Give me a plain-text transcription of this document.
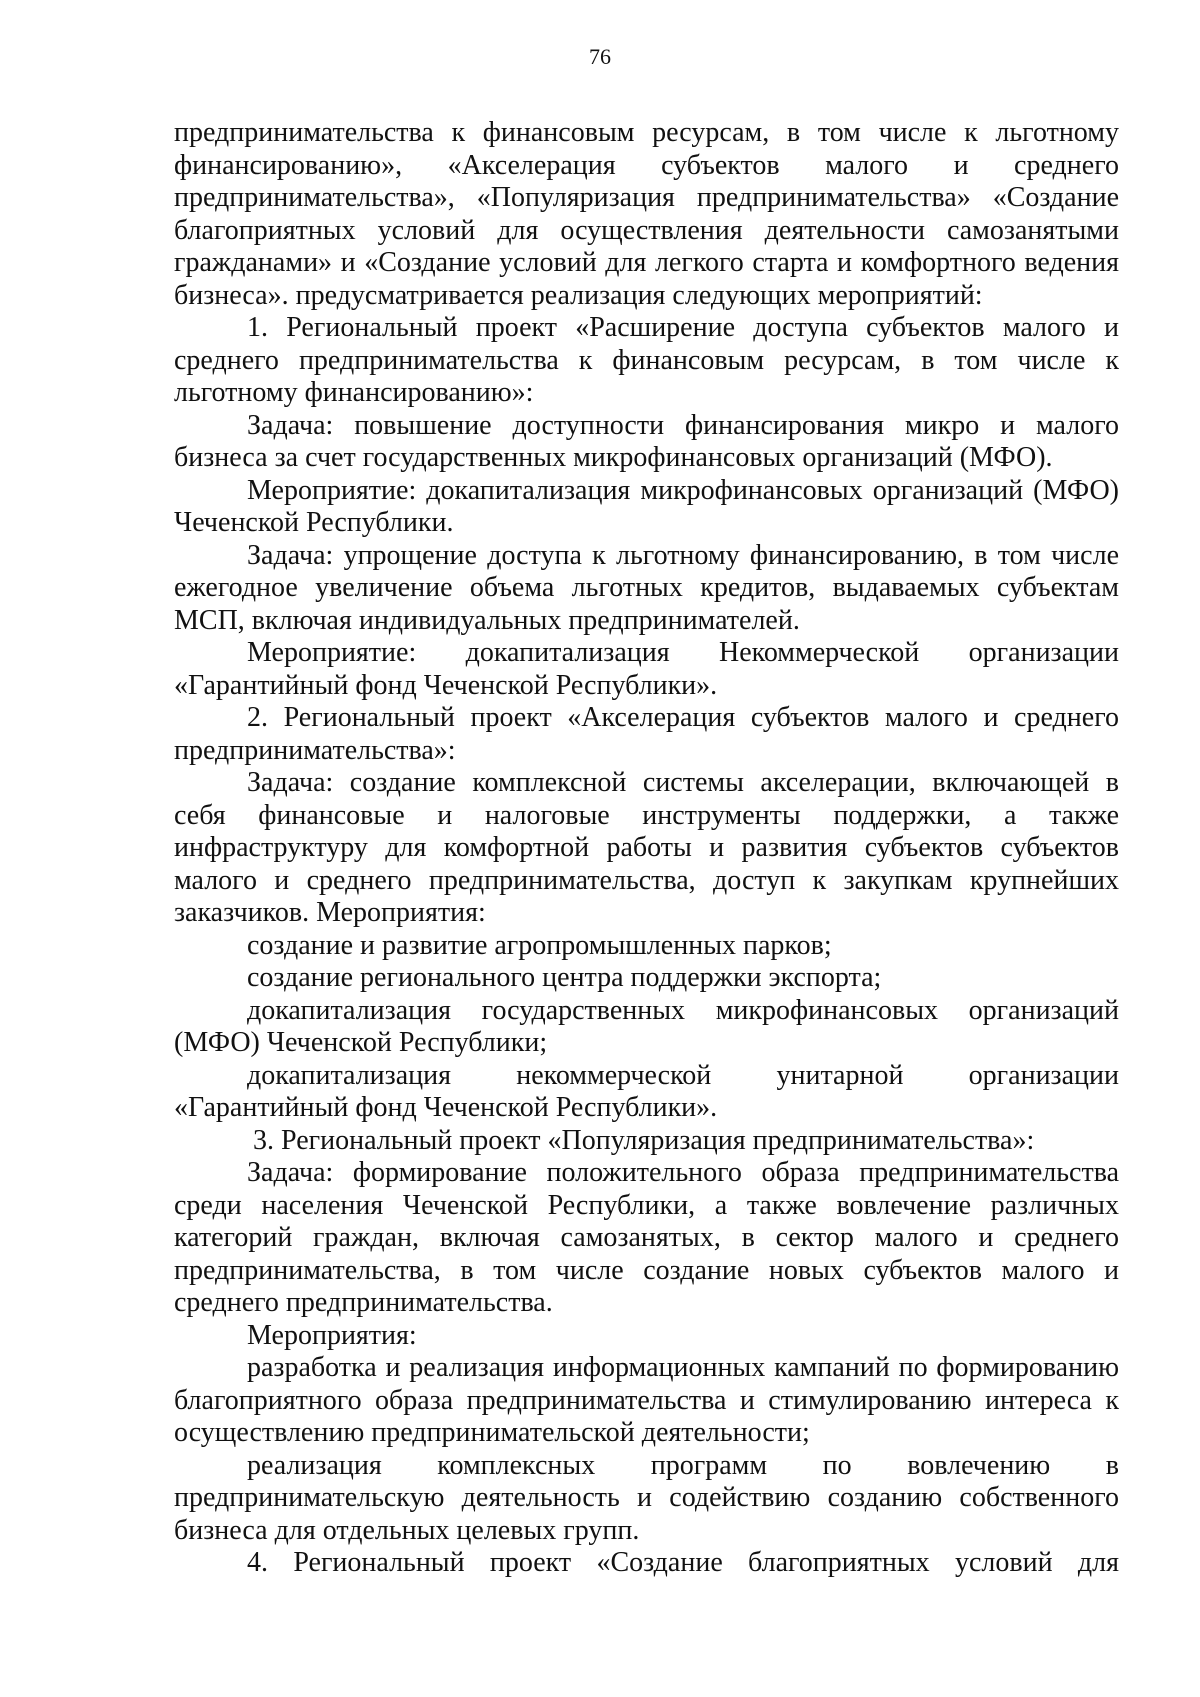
76

предпринимательства к финансовым ресурсам, в том числе к льготному финансированию», «Акселерация субъектов малого и среднего предпринимательства», «Популяризация предпринимательства» «Создание благоприятных условий для осуществления деятельности самозанятыми гражданами» и «Создание условий для легкого старта и комфортного ведения бизнеса». предусматривается реализация следующих мероприятий:

1. Региональный проект «Расширение доступа субъектов малого и среднего предпринимательства к финансовым ресурсам, в том числе к льготному финансированию»:

Задача: повышение доступности финансирования микро и малого бизнеса за счет государственных микрофинансовых организаций (МФО).

Мероприятие: докапитализация микрофинансовых организаций (МФО) Чеченской Республики.

Задача: упрощение доступа к льготному финансированию, в том числе ежегодное увеличение объема льготных кредитов, выдаваемых субъектам МСП, включая индивидуальных предпринимателей.

Мероприятие: докапитализация Некоммерческой организации «Гарантийный фонд Чеченской Республики».

2. Региональный проект «Акселерация субъектов малого и среднего предпринимательства»:

Задача: создание комплексной системы акселерации, включающей в себя финансовые и налоговые инструменты поддержки, а также инфраструктуру для комфортной работы и развития субъектов субъектов малого и среднего предпринимательства, доступ к закупкам крупнейших заказчиков. Мероприятия:

создание и развитие агропромышленных парков;

создание регионального центра поддержки экспорта;

докапитализация государственных микрофинансовых организаций (МФО) Чеченской Республики;

докапитализация некоммерческой унитарной организации «Гарантийный фонд Чеченской Республики».

3. Региональный проект «Популяризация предпринимательства»:

Задача: формирование положительного образа предпринимательства среди населения Чеченской Республики, а также вовлечение различных категорий граждан, включая самозанятых, в сектор малого и среднего предпринимательства, в том числе создание новых субъектов малого и среднего предпринимательства.

Мероприятия:

разработка и реализация информационных кампаний по формированию благоприятного образа предпринимательства и стимулированию интереса к осуществлению предпринимательской деятельности;

реализация комплексных программ по вовлечению в предпринимательскую деятельность и содействию созданию собственного бизнеса для отдельных целевых групп.

4. Региональный проект «Создание благоприятных условий для
